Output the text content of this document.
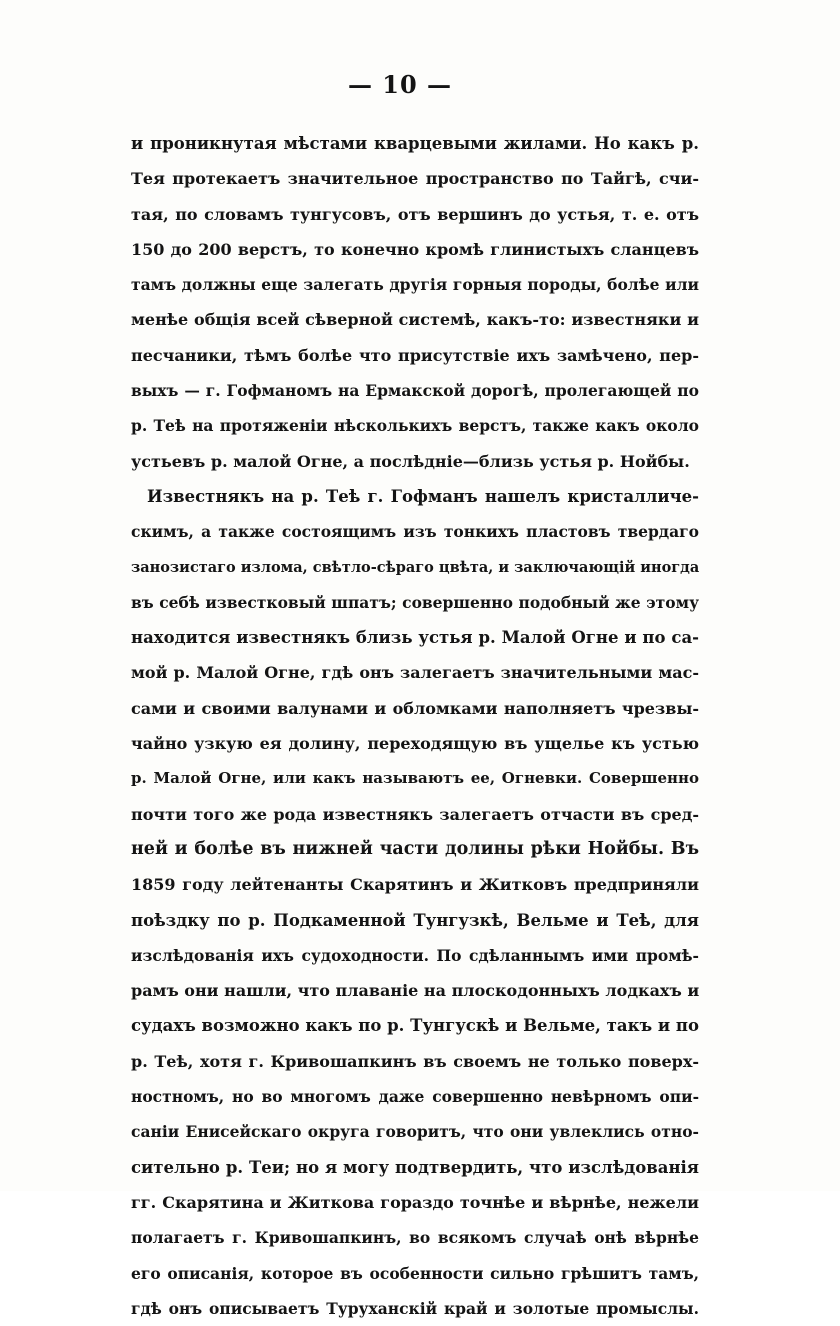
— 10 —
и проникнутая мѣстами кварцевыми жилами. Но какъ р.
Тея протекаетъ значительное пространство по Тайгѣ, счи-
тая, по словамъ тунгусовъ, отъ вершинъ до устья, т. е. отъ
150 до 200 верстъ, то конечно кромѣ глинистыхъ сланцевъ
тамъ должны еще залегать другія горныя породы, болѣе или
менѣе общія всей сѣверной системѣ, какъ-то: известняки и
песчаники, тѣмъ болѣе что присутствіе ихъ замѣчено, пер-
выхъ — г. Гофманомъ на Ермакской дорогѣ, пролегающей по
р. Теѣ на протяженіи нѣсколькихъ верстъ, также какъ около
устьевъ р. малой Огне, а послѣдніе—близь устья р. Нойбы.
Известнякъ на р. Теѣ г. Гофманъ нашелъ кристалличе-
скимъ, а также состоящимъ изъ тонкихъ пластовъ твердаго
занозистаго излома, свѣтло-сѣраго цвѣта, и заключающій иногда
въ себѣ известковый шпатъ; совершенно подобный же этому
находится известнякъ близь устья р. Малой Огне и по са-
мой р. Малой Огне, гдѣ онъ залегаетъ значительными мас-
сами и своими валунами и обломками наполняетъ чрезвы-
чайно узкую ея долину, переходящую въ ущелье къ устью
р. Малой Огне, или какъ называютъ ее, Огневки. Совершенно
почти того же рода известнякъ залегаетъ отчасти въ сред-
ней и болѣе въ нижней части долины рѣки Нойбы. Въ
1859 году лейтенанты Скарятинъ и Житковъ предприняли
поѣздку по р. Подкаменной Тунгузкѣ, Вельме и Теѣ, для
изслѣдованія ихъ судоходности. По сдѣланнымъ ими промѣ-
рамъ они нашли, что плаваніе на плоскодонныхъ лодкахъ и
судахъ возможно какъ по р. Тунгускѣ и Вельме, такъ и по
р. Теѣ, хотя г. Кривошапкинъ въ своемъ не только поверх-
ностномъ, но во многомъ даже совершенно невѣрномъ опи-
саніи Енисейскаго округа говоритъ, что они увлеклись отно-
сительно р. Теи; но я могу подтвердить, что изслѣдованія
гг. Скарятина и Житкова гораздо точнѣе и вѣрнѣе, нежели
полагаетъ г. Кривошапкинъ, во всякомъ случаѣ онѣ вѣрнѣе
его описанія, которое въ особенности сильно грѣшитъ тамъ,
гдѣ онъ описываетъ Туруханскій край и золотые промыслы.
